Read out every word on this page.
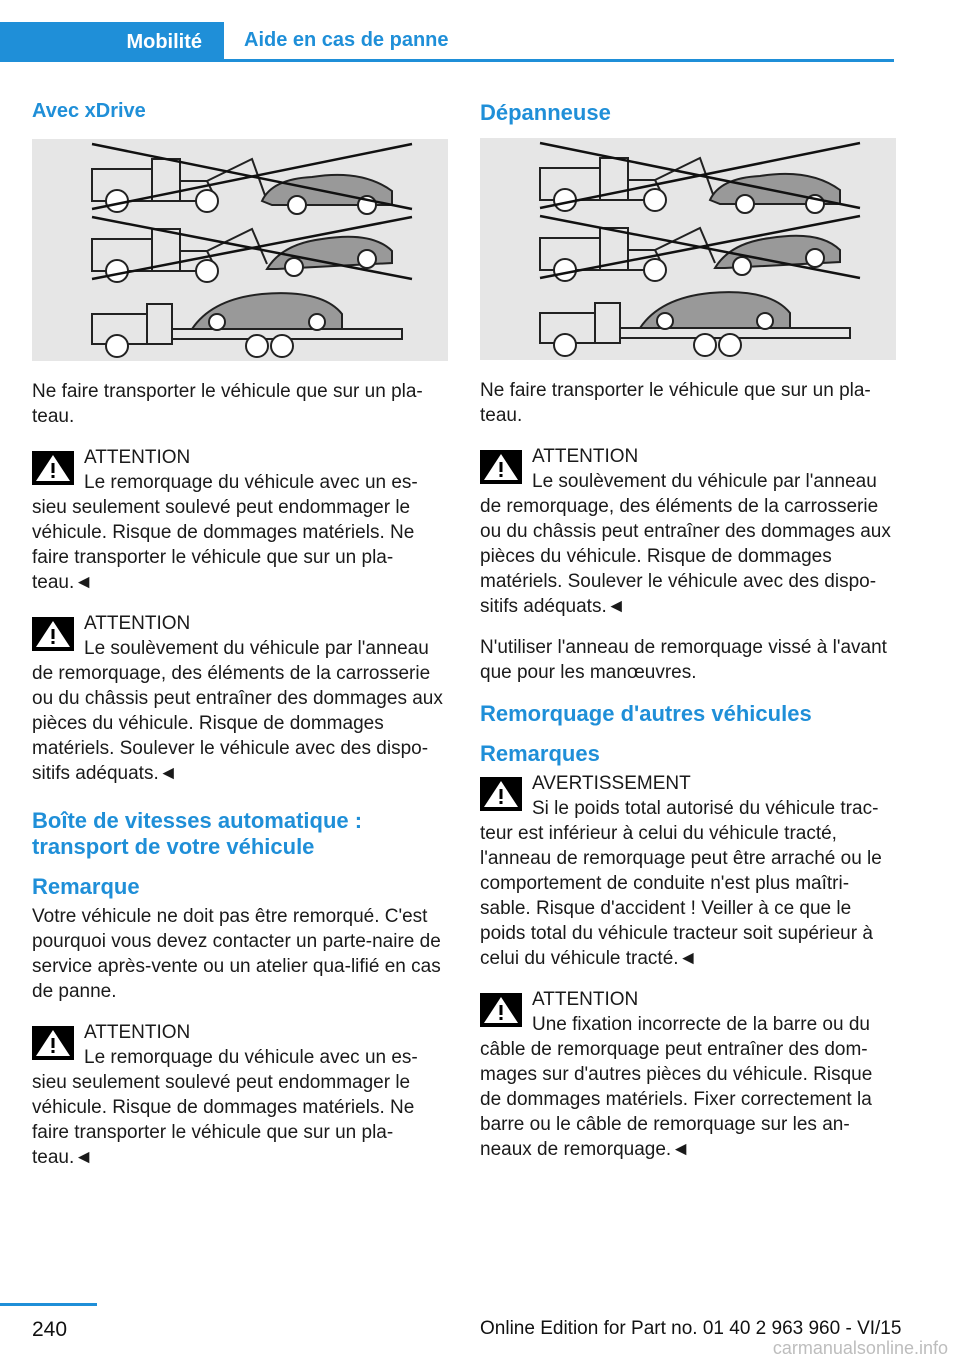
Mobilité	Aide en cas de panne
Avec xDrive

Ne faire transporter le véhicule que sur un pla-teau.

ATTENTION
Le remorquage du véhicule avec un es-
sieu seulement soulevé peut endommager le véhicule. Risque de dommages matériels. Ne faire transporter le véhicule que sur un pla-teau.◄
ATTENTION
Le soulèvement du véhicule par l'anneau
de remorquage, des éléments de la carrosserie ou du châssis peut entraîner des dommages aux pièces du véhicule. Risque de dommages matériels. Soulever le véhicule avec des dispo-sitifs adéquats.◄
Boîte de vitesses automatique : transport de votre véhicule
Remarque

Votre véhicule ne doit pas être remorqué. C'est pourquoi vous devez contacter un parte-naire de service après-vente ou un atelier qua-lifié en cas de panne.

ATTENTION
Le remorquage du véhicule avec un es-
sieu seulement soulevé peut endommager le véhicule. Risque de dommages matériels. Ne faire transporter le véhicule que sur un pla-teau.◄
Dépanneuse

Ne faire transporter le véhicule que sur un pla-teau.

ATTENTION
Le soulèvement du véhicule par l'anneau
de remorquage, des éléments de la carrosserie ou du châssis peut entraîner des dommages aux pièces du véhicule. Risque de dommages matériels. Soulever le véhicule avec des dispo-sitifs adéquats.◄

N'utiliser l'anneau de remorquage vissé à l'avant que pour les manœuvres.

Remorquage d'autres véhicules
Remarques
AVERTISSEMENT
Si le poids total autorisé du véhicule trac-
teur est inférieur à celui du véhicule tracté, l'anneau de remorquage peut être arraché ou le comportement de conduite n'est plus maîtri-sable. Risque d'accident ! Veiller à ce que le poids total du véhicule tracteur soit supérieur à celui du véhicule tracté.◄
ATTENTION
Une fixation incorrecte de la barre ou du
câble de remorquage peut entraîner des dom-mages sur d'autres pièces du véhicule. Risque de dommages matériels. Fixer correctement la barre ou le câble de remorquage sur les an-neaux de remorquage.◄
240	Online Edition for Part no. 01 40 2 963 960 - VI/15
carmanualsonline.info
